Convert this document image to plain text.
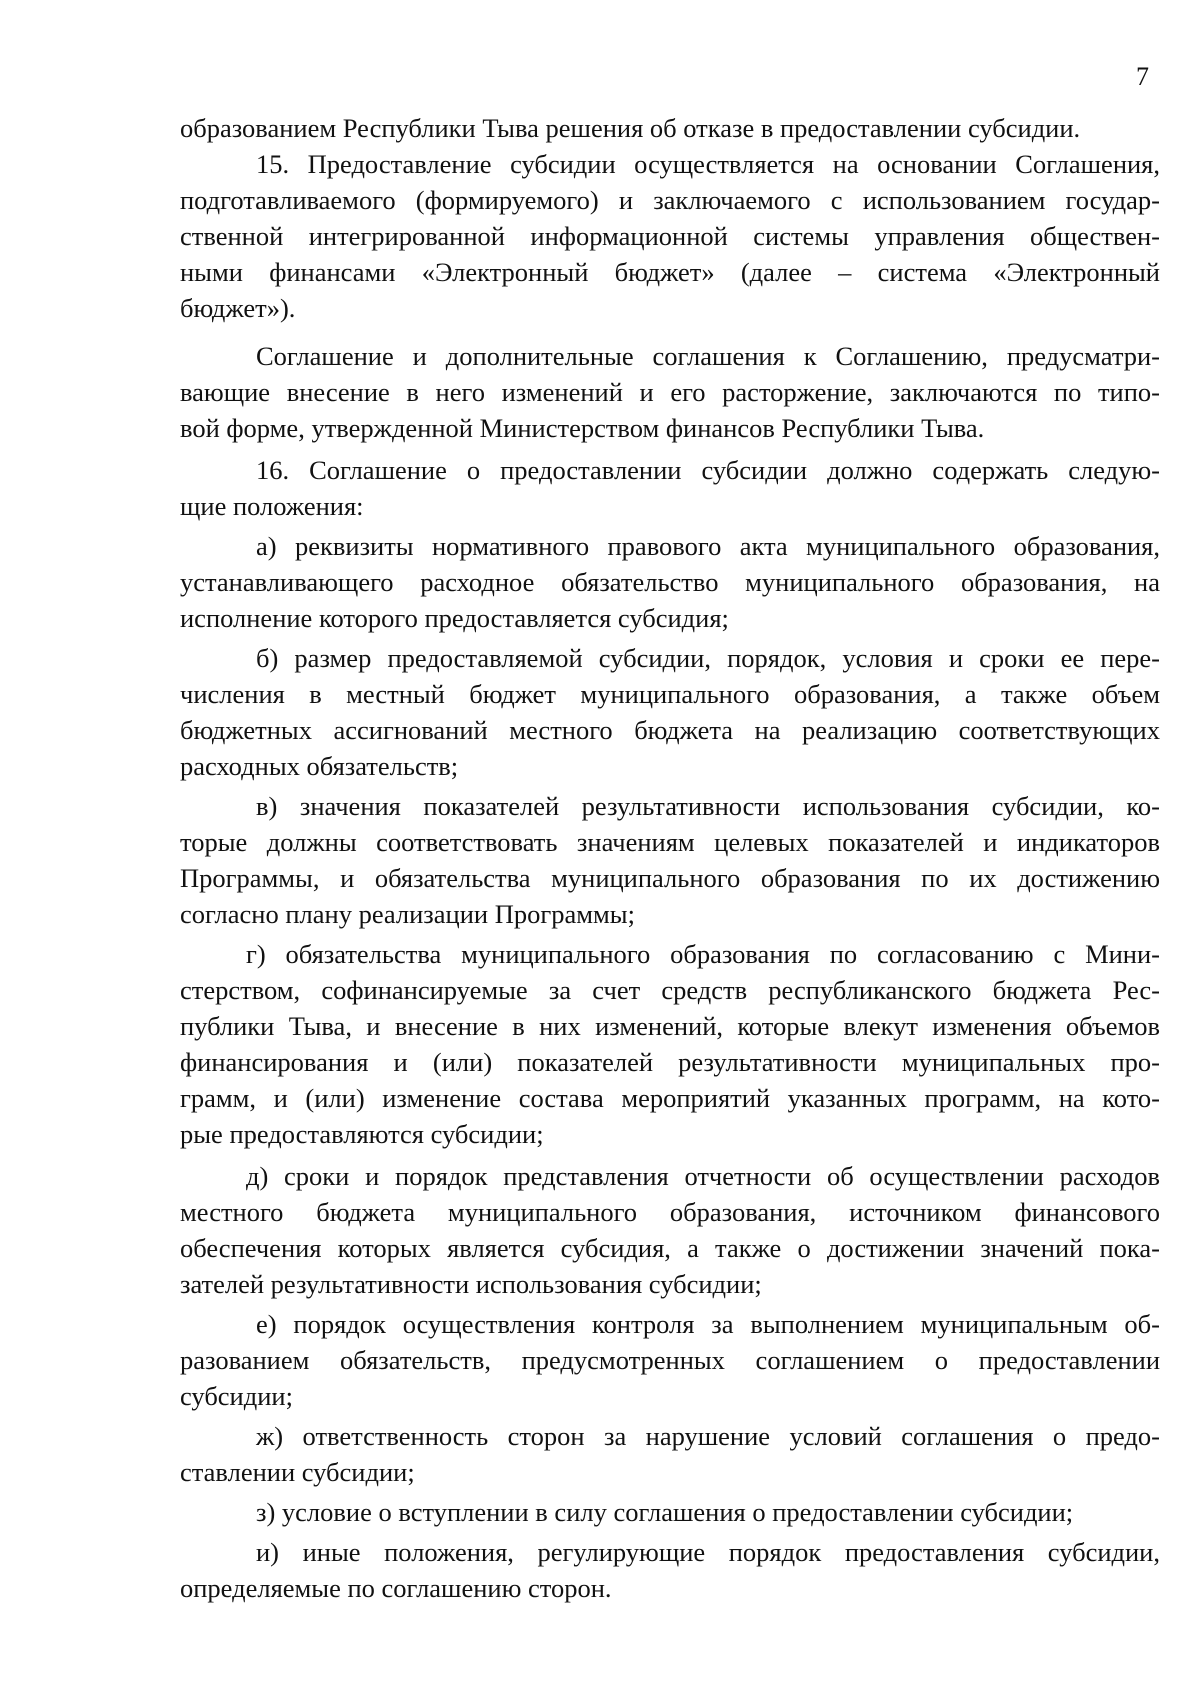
7
образованием Республики Тыва решения об отказе в предоставлении субсидии.
15. Предоставление субсидии осуществляется на основании Соглашения,
подготавливаемого (формируемого) и заключаемого с использованием государ-
ственной интегрированной информационной системы управления обществен-
ными финансами «Электронный бюджет» (далее – система «Электронный
бюджет»).
Соглашение и дополнительные соглашения к Соглашению, предусматри-
вающие внесение в него изменений и его расторжение, заключаются по типо-
вой форме, утвержденной Министерством финансов Республики Тыва.
16. Соглашение о предоставлении субсидии должно содержать следую-
щие положения:
а) реквизиты нормативного правового акта муниципального образования,
устанавливающего расходное обязательство муниципального образования, на
исполнение которого предоставляется субсидия;
б) размер предоставляемой субсидии, порядок, условия и сроки ее пере-
числения в местный бюджет муниципального образования, а также объем
бюджетных ассигнований местного бюджета на реализацию соответствующих
расходных обязательств;
в) значения показателей результативности использования субсидии, ко-
торые должны соответствовать значениям целевых показателей и индикаторов
Программы, и обязательства муниципального образования по их достижению
согласно плану реализации Программы;
г) обязательства муниципального образования по согласованию с Мини-
стерством, софинансируемые за счет средств республиканского бюджета Рес-
публики Тыва, и внесение в них изменений, которые влекут изменения объемов
финансирования и (или) показателей результативности муниципальных про-
грамм, и (или) изменение состава мероприятий указанных программ, на кото-
рые предоставляются субсидии;
д) сроки и порядок представления отчетности об осуществлении расходов
местного бюджета муниципального образования, источником финансового
обеспечения которых является субсидия, а также о достижении значений пока-
зателей результативности использования субсидии;
е) порядок осуществления контроля за выполнением муниципальным об-
разованием обязательств, предусмотренных соглашением о предоставлении
субсидии;
ж) ответственность сторон за нарушение условий соглашения о предо-
ставлении субсидии;
з) условие о вступлении в силу соглашения о предоставлении субсидии;
и) иные положения, регулирующие порядок предоставления субсидии,
определяемые по соглашению сторон.
